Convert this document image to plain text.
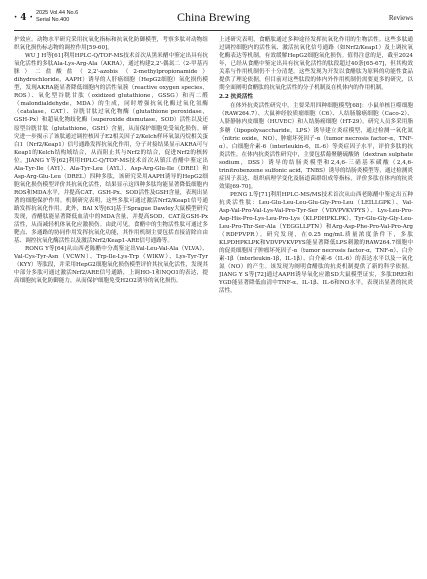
· 4 · 2025 Vol.44 No.6
Serial No.400	China Brewing	Reviews

护效应。动物水平研究采用抗氧化指标和抗氧化防御模型，考察多肽对动物组织氧化损伤标志物的调控作用[59-60]。

WU J H等[61]利用HPLC-Q/TOF-MS技术首次从黑米醋中鉴定出具有抗氧化活性的多肽Ala-Lys-Arg-Ala（AKRA），通过构建2,2'-偶氮二（2-甲基丙脒）二盐酸盐（2,2'-azobis（2-methylpropionamide）dihydrochloride，AAPH）诱导的人肝癌细胞（HepG2细胞）氧化损伤模型，发现AKRA能显著降低细胞内的活性氧簇（reactive oxygen species，ROS）、氧化型谷胱甘肽（oxidized glutathione，GSSG）和丙二醛（malondialdehyde，MDA）的生成，同时增强抗氧化酶过氧化氢酶（catalase，CAT）、谷胱甘肽过氧化物酶（glutathione peroxidase，GSH-Px）和超氧化物歧化酶（superoxide dismutase，SOD）活性以及还原型谷胱甘肽（glutathione，GSH）含量，从而保护细胞免受氧化损伤。研究进一步揭示了该肽通过调控核因子E2相关因子2/Kelch样环氧氯丙烷相关蛋白1（Nrf2/Keap1）信号通路发挥抗氧化作用，分子对接结果显示AKRA可与Keap1的Kelch结构域结合，从而阻止其与Nrf2的结合，促进Nrf2的核转位。JIANG Y等[62]利用HPLC-Q/TOF-MS技术首次从镇江香醋中鉴定出Ala-Tyr-Ile（AYI）、Ala-Tyr-Leu（AYL）、Asp-Arg-Glu-Ile（DREI）和Asp-Arg-Glu-Leu（DREL）四种多肽，该研究采用AAPH诱导的HepG2细胞氧化损伤模型评价其抗氧化活性，结果显示这四种多肽均能显著降低细胞内ROS和MDA水平，并提高CAT、GSH-Px、SOD活性及GSH含量，表现出显著的细胞保护作用。机制研究表明，这些多肽可通过激活Nrf2/Keap1信号通路发挥抗氧化作用。此外，BAI X等[63]基于Sprague Dawley大鼠模型研究发现，香醋肽能显著降低血清中的MDA含量，并提高SOD、CAT及GSH-Px活性，从而减轻机体氧化应激损伤。由此可见，食醋中的生物活性肽可通过多靶点、多通路的协同作用发挥抗氧化功能，其作用机制主要包括直接清除自由基、调控抗氧化酶活性以及激活Nrf2/Keap1-ARE信号通路等。

RONG Y等[64]从山西老陈醋中分离鉴定出Val-Leu-Val-Ala（VLVA）、Val-Cys-Tyr-Asn（VCWN）、Trp-Ile-Lys-Trp（WIKW）、Lys-Tyr-Tyr（KYY）等肽段，并采用HepG2细胞氧化损伤模型评价其抗氧化活性，发现其中部分多肽可通过激活Nrf2/ARE信号通路，上调HO-1和NQO1的表达，提高细胞抗氧化防御能力，从而保护细胞免受H2O2诱导的氧化损伤。

上述研究表明，食醋肽通过多种途径发挥抗氧化作用的生物活性。这些多肽通过调控细胞内的活性氧、激活抗氧化信号通路（如Nrf2/Keap1）及上调抗氧化酶表达等机制，有效缓解HepG2细胞氧化损伤。值得注意的是，截至2024年，已经从食醋中鉴定出具有抗氧化活性的肽段超过40条[65-67]，但其构效关系与作用机制仍不十分清楚。这些发现为开发以食醋肽为原料的功能性食品提供了理论依据，但目前对这些肽段的体内外作用机制仍需要更多的研究，以期全面阐明食醋肽的抗氧化活性的分子机制及在机体内的作用机制。

2.2 抗炎活性

在体外抗炎活性研究中，主要采用四种细胞模型[68]：小鼠单核巨噬细胞（RAW264.7）、大鼠神经胶质瘤细胞（C6）、人结肠腺癌细胞（Caco-2）、人脐静脉内皮细胞（HUVEC）和人结肠癌细胞（HT-29）。研究人员多采用脂多糖（lipopolysaccharide，LPS）诱导建立炎症模型，通过检测一氧化氮（nitric oxide，NO）、肿瘤坏死因子-α（tumor necrosis factor-α，TNF-α）、白细胞介素-6（interleukin-6，IL-6）等炎症因子水平，评价多肽的抗炎活性。在体内抗炎活性研究中，主要包括葡聚糖硫酸钠（dextran sulphate sodium，DSS）诱导的结肠炎模型和2,4,6-三硝基苯磺酸（2,4,6-trinitrobenzene sulfonic acid，TNBS）诱导的结肠炎模型等，通过检测炎症因子表达、组织病理学变化及肠道菌群组成等指标，评价多肽在体内的抗炎效果[69-70]。

PENG L等[71]利用HPLC-MS/MS技术首次从山西老陈醋中鉴定出五种抗炎活性肽：Leu-Glu-Leu-Leu-Glu-Gly-Pro-Leu（LEILLGPK）、Val-Asp-Val-Pro-Val-Lys-Val-Pro-Tyr-Ser（VDVPVKVPYS）、Lys-Leu-Pro-Asp-His-Pro-Lys-Leu-Pro-Lys（KLPDHPKLPK）、Tyr-Glu-Gly-Gly-Leu-Leu-Pro-Thr-Ser-Ala（YEGGLLPTN）和Arg-Asp-Phe-Pro-Val-Pro-Arg（RDFPVPR）。研究发现，在0.25 mg/mL质量浓度条件下，多肽KLPDHPKLPK和VDVPVKVPYS能显著降低LPS刺激的RAW264.7细胞中的促炎细胞因子肿瘤坏死因子-α（tumor necrosis factor-α，TNF-α）、白介素-1β（interleukin-1β，IL-1β）、白介素-6（IL-6）的表达水平以及一氧化氮（NO）的产生。该发现为阐明食醋肽的抗炎机制提供了新的科学依据。JIANG Y S等[72]通过AAPH诱导氧化应激SD大鼠模型证实，多肽DREI和YGD能显著降低血清中TNF-α、IL-1β、IL-6和NO水平，表现出显著的抗炎活性。
